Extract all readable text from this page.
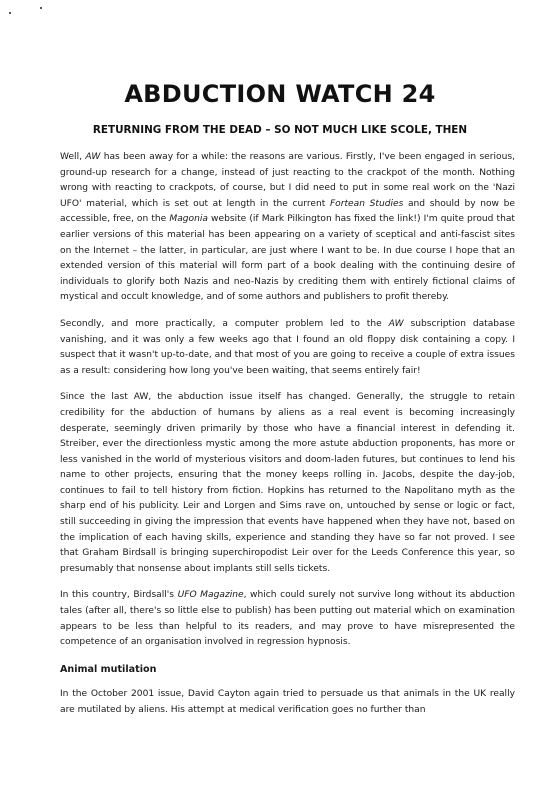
ABDUCTION WATCH 24
RETURNING FROM THE DEAD – SO NOT MUCH LIKE SCOLE, THEN

Well, AW has been away for a while: the reasons are various. Firstly, I've been engaged in serious, ground-up research for a change, instead of just reacting to the crackpot of the month. Nothing wrong with reacting to crackpots, of course, but I did need to put in some real work on the 'Nazi UFO' material, which is set out at length in the current Fortean Studies and should by now be accessible, free, on the Magonia website (if Mark Pilkington has fixed the link!) I'm quite proud that earlier versions of this material has been appearing on a variety of sceptical and anti-fascist sites on the Internet – the latter, in particular, are just where I want to be. In due course I hope that an extended version of this material will form part of a book dealing with the continuing desire of individuals to glorify both Nazis and neo-Nazis by crediting them with entirely fictional claims of mystical and occult knowledge, and of some authors and publishers to profit thereby.

Secondly, and more practically, a computer problem led to the AW subscription database vanishing, and it was only a few weeks ago that I found an old floppy disk containing a copy. I suspect that it wasn't up-to-date, and that most of you are going to receive a couple of extra issues as a result: considering how long you've been waiting, that seems entirely fair!

Since the last AW, the abduction issue itself has changed. Generally, the struggle to retain credibility for the abduction of humans by aliens as a real event is becoming increasingly desperate, seemingly driven primarily by those who have a financial interest in defending it. Streiber, ever the directionless mystic among the more astute abduction proponents, has more or less vanished in the world of mysterious visitors and doom-laden futures, but continues to lend his name to other projects, ensuring that the money keeps rolling in. Jacobs, despite the day-job, continues to fail to tell history from fiction. Hopkins has returned to the Napolitano myth as the sharp end of his publicity. Leir and Lorgen and Sims rave on, untouched by sense or logic or fact, still succeeding in giving the impression that events have happened when they have not, based on the implication of each having skills, experience and standing they have so far not proved. I see that Graham Birdsall is bringing superchiropodist Leir over for the Leeds Conference this year, so presumably that nonsense about implants still sells tickets.

In this country, Birdsall's UFO Magazine, which could surely not survive long without its abduction tales (after all, there's so little else to publish) has been putting out material which on examination appears to be less than helpful to its readers, and may prove to have misrepresented the competence of an organisation involved in regression hypnosis.

Animal mutilation

In the October 2001 issue, David Cayton again tried to persuade us that animals in the UK really are mutilated by aliens. His attempt at medical verification goes no further than
